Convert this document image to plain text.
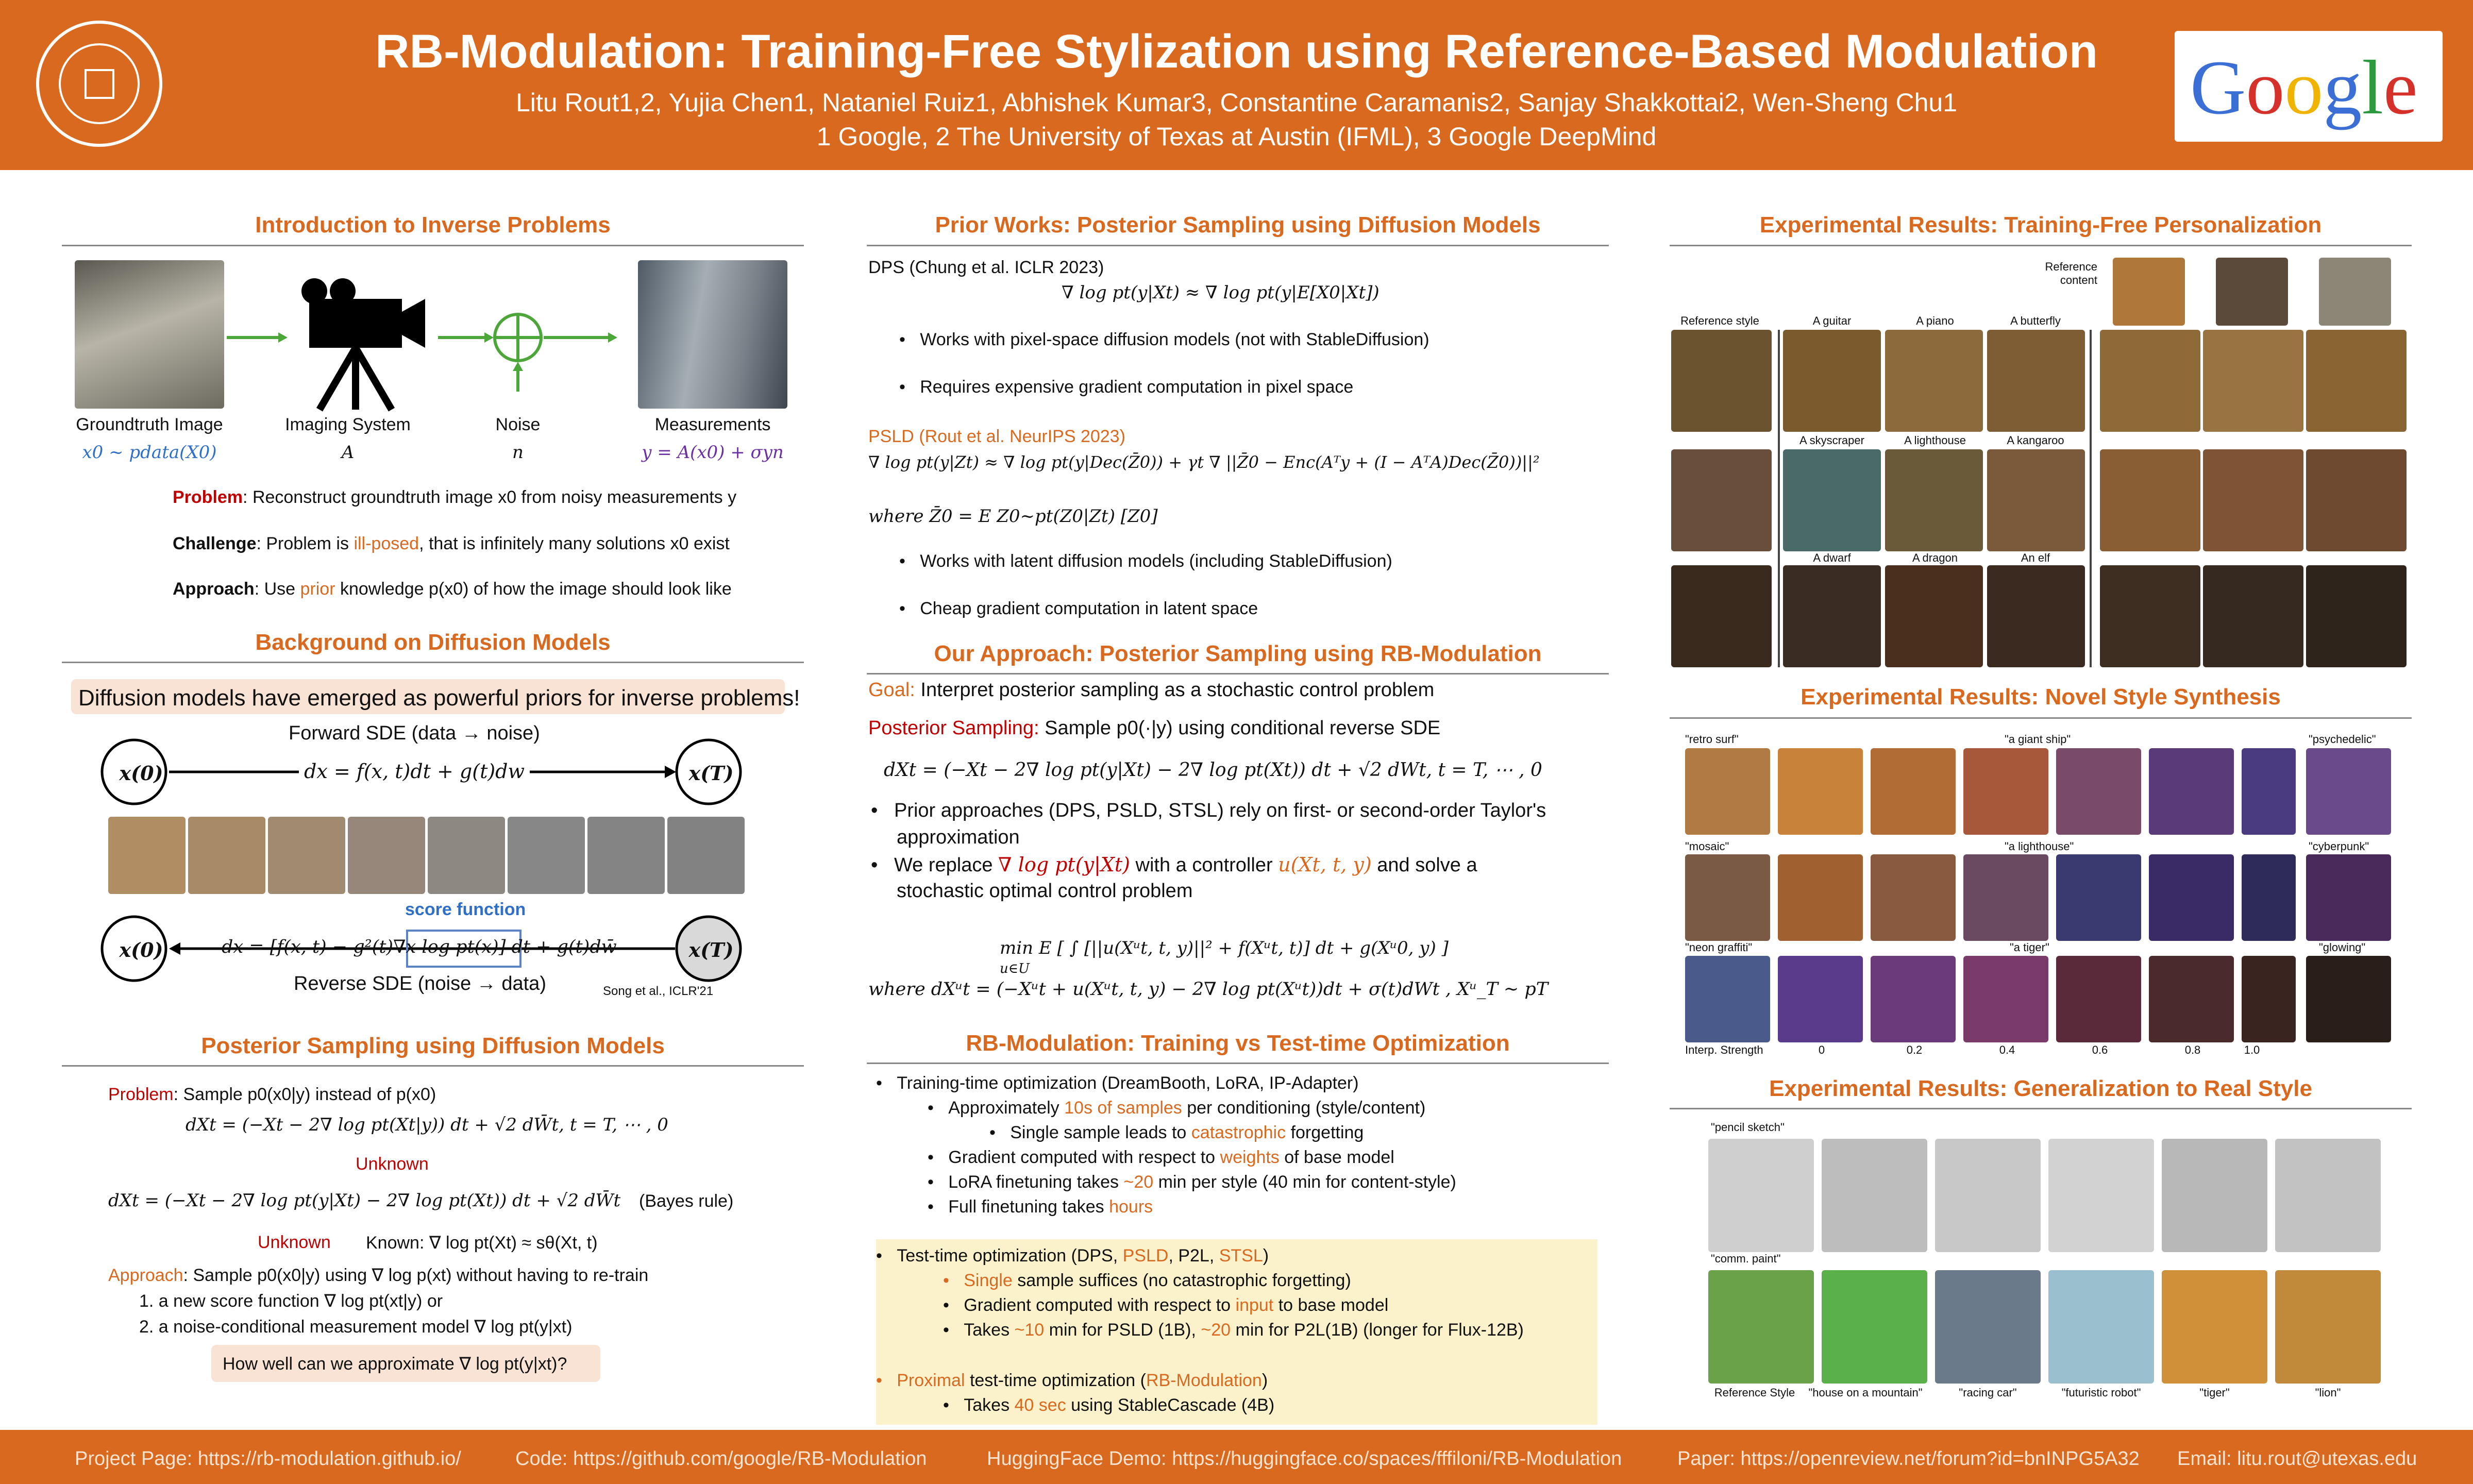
RB-Modulation: Training-Free Stylization using Reference-Based Modulation
Litu Rout1,2, Yujia Chen1, Nataniel Ruiz1, Abhishek Kumar3, Constantine Caramanis2, Sanjay Shakkottai2, Wen-Sheng Chu1
1 Google, 2 The University of Texas at Austin (IFML), 3 Google DeepMind
Google
Introduction to Inverse Problems
Groundtruth Image	Imaging System	Noise	Measurements
x0 ~ pdata(X0)	A	n	y = A(x0) + σyn
Problem: Reconstruct groundtruth image x0 from noisy measurements y
Challenge: Problem is ill-posed, that is infinitely many solutions x0 exist
Approach: Use prior knowledge p(x0) of how the image should look like
Background on Diffusion Models
Diffusion models have emerged as powerful priors for inverse problems!
Forward SDE (data → noise)
x(0)	x(T)
dx = f(x, t)dt + g(t)dw
score function
x(0)	x(T)
dx = [f(x, t) − g²(t)∇x log pt(x)] dt + g(t)dw̄
Reverse SDE (noise → data)	Song et al., ICLR'21
Posterior Sampling using Diffusion Models
Problem: Sample p0(x0|y) instead of p(x0)
dXt = (−Xt − 2∇ log pt(Xt|y)) dt + √2 dW̄t, t = T, ⋯ , 0
Unknown
dXt = (−Xt − 2∇ log pt(y|Xt) − 2∇ log pt(Xt)) dt + √2 dW̄t (Bayes rule)
Unknown Known: ∇ log pt(Xt) ≈ sθ(Xt, t)
Approach: Sample p0(x0|y) using ∇ log p(xt) without having to re-train
1. a new score function ∇ log pt(xt|y) or
2. a noise-conditional measurement model ∇ log pt(y|xt)
How well can we approximate ∇ log pt(y|xt)?
Prior Works: Posterior Sampling using Diffusion Models
DPS (Chung et al. ICLR 2023)
∇ log pt(y|Xt) ≈ ∇ log pt(y|E[X0|Xt])
•   Works with pixel-space diffusion models (not with StableDiffusion)
•   Requires expensive gradient computation in pixel space
PSLD (Rout et al. NeurIPS 2023)
∇ log pt(y|Zt) ≈ ∇ log pt(y|Dec(Z̄0)) + γt ∇ ||Z̄0 − Enc(Aᵀy + (I − AᵀA)Dec(Z̄0))||²
where Z̄0 = E Z0~pt(Z0|Zt) [Z0]
•   Works with latent diffusion models (including StableDiffusion)
•   Cheap gradient computation in latent space
Our Approach: Posterior Sampling using RB-Modulation
Goal: Interpret posterior sampling as a stochastic control problem
Posterior Sampling: Sample p0(·|y) using conditional reverse SDE
dXt = (−Xt − 2∇ log pt(y|Xt) − 2∇ log pt(Xt)) dt + √2 dWt, t = T, ⋯ , 0
•   Prior approaches (DPS, PSLD, STSL) rely on first- or second-order Taylor's
approximation
•   We replace ∇ log pt(y|Xt) with a controller u(Xt, t, y) and solve a
stochastic optimal control problem
min E [ ∫ [||u(Xᵘt, t, y)||² + f(Xᵘt, t)] dt + g(Xᵘ0, y) ]
u∈U
where dXᵘt = (−Xᵘt + u(Xᵘt, t, y) − 2∇ log pt(Xᵘt))dt + σ(t)dWt , Xᵘ_T ~ pT
RB-Modulation: Training vs Test-time Optimization
•   Training-time optimization (DreamBooth, LoRA, IP-Adapter)
•   Approximately 10s of samples per conditioning (style/content)
•   Single sample leads to catastrophic forgetting
•   Gradient computed with respect to weights of base model
•   LoRA finetuning takes ~20 min per style (40 min for content-style)
•   Full finetuning takes hours
•   Test-time optimization (DPS, PSLD, P2L, STSL)
•   Single sample suffices (no catastrophic forgetting)
•   Gradient computed with respect to input to base model
•   Takes ~10 min for PSLD (1B), ~20 min for P2L(1B) (longer for Flux-12B)
•   Proximal test-time optimization (RB-Modulation)
•   Takes 40 sec using StableCascade (4B)
Experimental Results: Training-Free Personalization
Reference content
Reference style	A guitar	A piano	A butterfly
A skyscraper	A lighthouse	A kangaroo
A dwarf	A dragon	An elf
Experimental Results: Novel Style Synthesis
"retro surf"	"a giant ship"	"psychedelic"
"mosaic"	"a lighthouse"	"cyberpunk"
"neon graffiti"	"a tiger"	"glowing"
Interp. Strength	0	0.2	0.4	0.6	0.8	1.0
Experimental Results: Generalization to Real Style
"pencil sketch"
"comm. paint"
Reference Style	"house on a mountain"	"racing car"	"futuristic robot"	"tiger"	"lion"
Project Page: https://rb-modulation.github.io/	Code: https://github.com/google/RB-Modulation	HuggingFace Demo: https://huggingface.co/spaces/fffiloni/RB-Modulation	Paper: https://openreview.net/forum?id=bnINPG5A32 Email: litu.rout@utexas.edu
